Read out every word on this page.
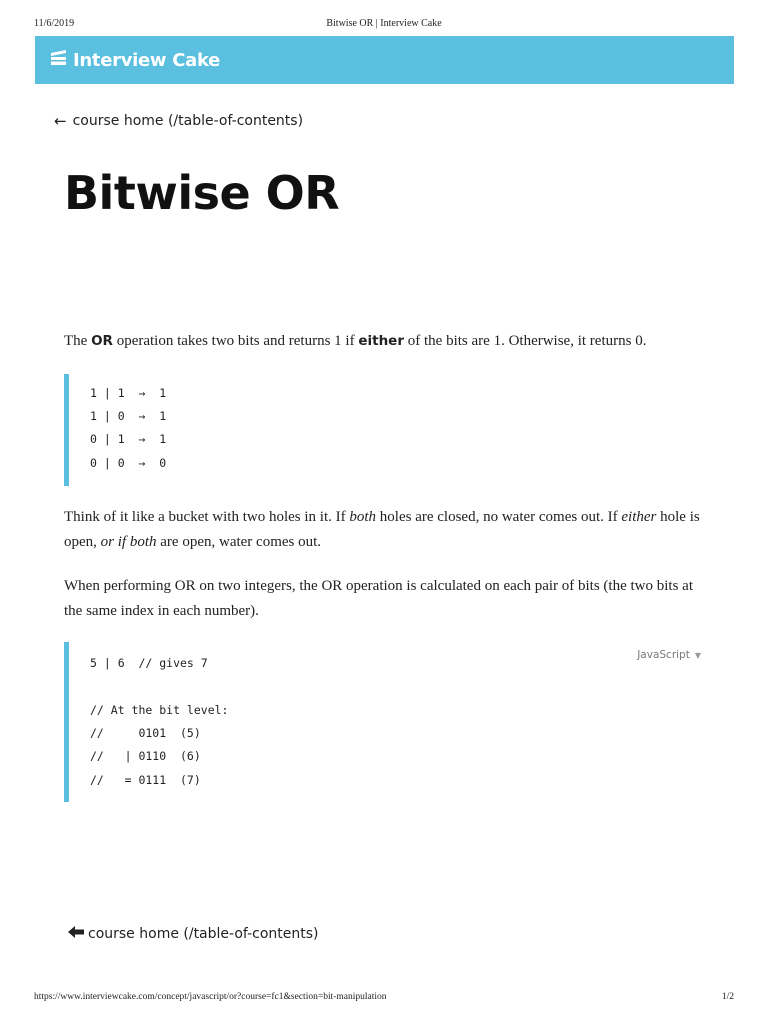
11/6/2019	Bitwise OR | Interview Cake
Interview Cake
← course home (/table-of-contents)
Bitwise OR

The OR operation takes two bits and returns 1 if either of the bits are 1. Otherwise, it returns 0.

1 | 1  →  1
1 | 0  →  1
0 | 1  →  1
0 | 0  →  0

Think of it like a bucket with two holes in it. If both holes are closed, no water comes out. If either hole is open, or if both are open, water comes out.

When performing OR on two integers, the OR operation is calculated on each pair of bits (the two bits at the same index in each number).

JavaScript ▼
5 | 6  // gives 7
// At the bit level:
//     0101  (5)
//   | 0110  (6)
//   = 0111  (7)
course home (/table-of-contents)
https://www.interviewcake.com/concept/javascript/or?course=fc1&section=bit-manipulation	1/2
